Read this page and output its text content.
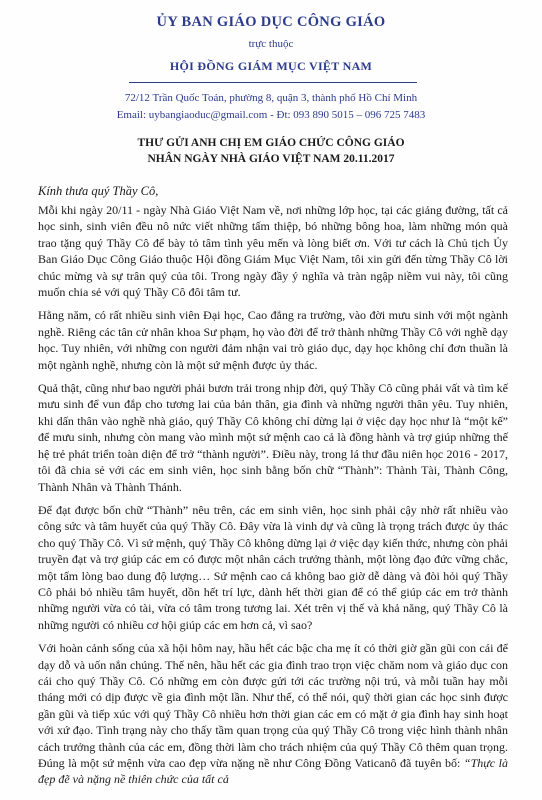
ỦY BAN GIÁO DỤC CÔNG GIÁO
trực thuộc
HỘI ĐỒNG GIÁM MỤC VIỆT NAM
72/12 Trần Quốc Toản, phường 8, quận 3, thành phố Hồ Chí Minh
Email: uybangiaoduc@gmail.com - Đt: 093 890 5015 – 096 725 7483
THƯ GỬI ANH CHỊ EM GIÁO CHỨC CÔNG GIÁO
NHÂN NGÀY NHÀ GIÁO VIỆT NAM 20.11.2017
Kính thưa quý Thầy Cô,

Mỗi khi ngày 20/11 - ngày Nhà Giáo Việt Nam về, nơi những lớp học, tại các giảng đường, tất cả học sinh, sinh viên đều nô nức viết những tấm thiệp, bó những bông hoa, làm những món quà trao tặng quý Thầy Cô để bày tỏ tâm tình yêu mến và lòng biết ơn. Với tư cách là Chủ tịch Ủy Ban Giáo Dục Công Giáo thuộc Hội đồng Giám Mục Việt Nam, tôi xin gửi đến từng Thầy Cô lời chúc mừng và sự trân quý của tôi. Trong ngày đầy ý nghĩa và tràn ngập niềm vui này, tôi cũng muốn chia sẻ với quý Thầy Cô đôi tâm tư.

Hằng năm, có rất nhiều sinh viên Đại học, Cao đẳng ra trường, vào đời mưu sinh với một ngành nghề. Riêng các tân cử nhân khoa Sư phạm, họ vào đời để trở thành những Thầy Cô với nghề dạy học. Tuy nhiên, với những con người đảm nhận vai trò giáo dục, dạy học không chỉ đơn thuần là một ngành nghề, nhưng còn là một sứ mệnh được ủy thác.

Quả thật, cũng như bao người phải bươn trải trong nhịp đời, quý Thầy Cô cũng phải vất và tìm kế mưu sinh để vun đắp cho tương lai của bản thân, gia đình và những người thân yêu. Tuy nhiên, khi dấn thân vào nghề nhà giáo, quý Thầy Cô không chỉ dừng lại ở việc dạy học như là “một kế” để mưu sinh, nhưng còn mang vào mình một sứ mệnh cao cả là đồng hành và trợ giúp những thế hệ trẻ phát triển toàn diện để trở “thành người”. Điều này, trong lá thư đầu niên học 2016 - 2017, tôi đã chia sẻ với các em sinh viên, học sinh bằng bốn chữ “Thành”: Thành Tài, Thành Công, Thành Nhân và Thành Thánh.

Để đạt được bốn chữ “Thành” nêu trên, các em sinh viên, học sinh phải cậy nhờ rất nhiều vào công sức và tâm huyết của quý Thầy Cô. Đây vừa là vinh dự và cũng là trọng trách được ủy thác cho quý Thầy Cô. Vì sứ mệnh, quý Thầy Cô không dừng lại ở việc dạy kiến thức, nhưng còn phải truyền đạt và trợ giúp các em có được một nhân cách trưởng thành, một lòng đạo đức vững chắc, một tấm lòng bao dung độ lượng… Sứ mệnh cao cả không bao giờ dễ dàng và đòi hỏi quý Thầy Cô phải bỏ nhiều tâm huyết, dồn hết trí lực, dành hết thời gian để có thể giúp các em trở thành những người vừa có tài, vừa có tâm trong tương lai. Xét trên vị thế và khả năng, quý Thầy Cô là những người có nhiều cơ hội giúp các em hơn cả, vì sao?

Với hoàn cảnh sống của xã hội hôm nay, hầu hết các bậc cha mẹ ít có thời giờ gần gũi con cái để dạy dỗ và uốn nắn chúng. Thế nên, hầu hết các gia đình trao trọn việc chăm nom và giáo dục con cái cho quý Thầy Cô. Có những em còn được gửi tới các trường nội trú, và mỗi tuần hay mỗi tháng mới có dịp được về gia đình một lần. Như thế, có thể nói, quỹ thời gian các học sinh được gần gũi và tiếp xúc với quý Thầy Cô nhiều hơn thời gian các em có mặt ở gia đình hay sinh hoạt với xứ đạo. Tình trạng này cho thấy tầm quan trọng của quý Thầy Cô trong việc hình thành nhân cách trưởng thành của các em, đồng thời làm cho trách nhiệm của quý Thầy Cô thêm quan trọng. Đúng là một sứ mệnh vừa cao đẹp vừa nặng nề như Công Đồng Vaticanô đã tuyên bố: “Thực là đẹp đẽ và nặng nề thiên chức của tất cả
